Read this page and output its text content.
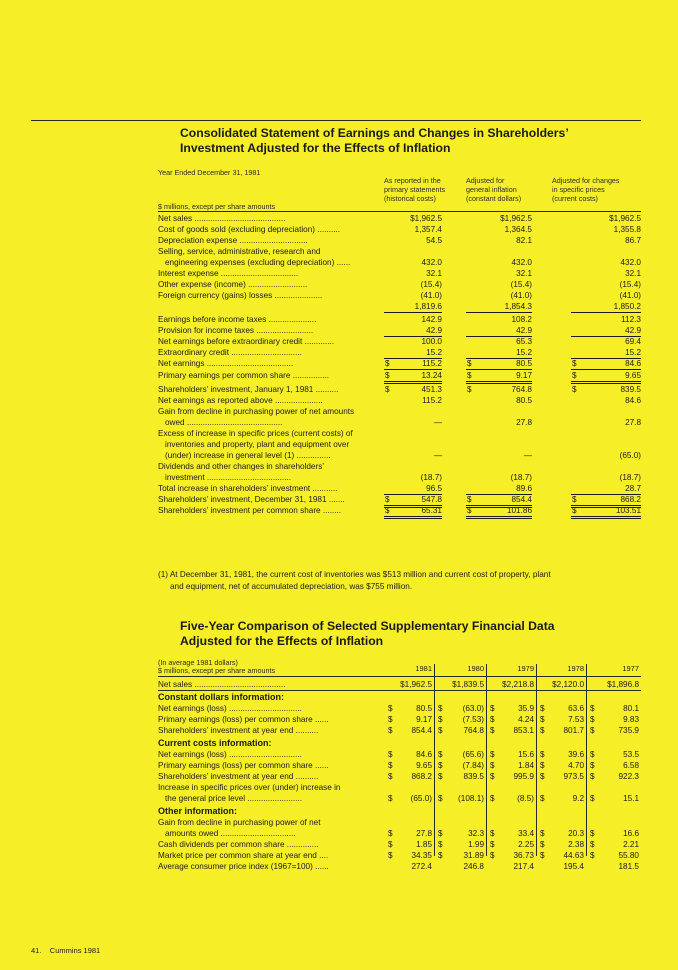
Consolidated Statement of Earnings and Changes in Shareholders’
Investment Adjusted for the Effects of Inflation
Year Ended December 31, 1981
$ millions, except per share amounts
As reported in the
primary statements
(historical costs)
Adjusted for
general inflation
(constant dollars)
Adjusted for changes
in specific prices
(current costs)
Net sales ........................................	$1,962.5	$1,962.5	$1,962.5
Cost of goods sold (excluding depreciation) ..........	1,357.4	1,364.5	1,355.8
Depreciation expense ..............................	54.5	82.1	86.7
Selling, service, administrative, research and
engineering expenses (excluding depreciation) ......	432.0	432.0	432.0
Interest expense ..................................	32.1	32.1	32.1
Other expense (income) ..........................	(15.4)	(15.4)	(15.4)
Foreign currency (gains) losses .....................	(41.0)	(41.0)	(41.0)
1,819.6	1,854.3	1,850.2
Earnings before income taxes .....................	142.9	108.2	112.3
Provision for income taxes .........................	42.9	42.9	42.9
Net earnings before extraordinary credit .............	100.0	65.3	69.4
Extraordinary credit ...............................	15.2	15.2	15.2
Net earnings ......................................	$	115.2	$	80.5	$	84.6
Primary earnings per common share ................	$	13.24	$	9.17	$	9.65
Shareholders’ investment, January 1, 1981 ..........	$	451.3	$	764.8	$	839.5
Net earnings as reported above .....................	115.2	80.5	84.6
Gain from decline in purchasing power of net amounts
owed ..........................................	—	27.8	27.8
Excess of increase in specific prices (current costs) of
inventories and property, plant and equipment over
(under) increase in general level (1) ...............	—	—	(65.0)
Dividends and other changes in shareholders’
investment .....................................	(18.7)	(18.7)	(18.7)
Total increase in shareholders’ investment ...........	96.5	89.6	28.7
Shareholders’ investment, December 31, 1981 .......	$	547.8	$	854.4	$	868.2
Shareholders’ investment per common share ........	$	65.31	$	101.86	$	103.51
(1) At December 31, 1981, the current cost of inventories was $513 million and current cost of property, plant
and equipment, net of accumulated depreciation, was $755 million.
Five-Year Comparison of Selected Supplementary Financial Data
Adjusted for the Effects of Inflation
(In average 1981 dollars)
$ millions, except per share amounts	1981	1980	1979	1978	1977
Net sales ........................................	$1,962.5 $1,839.5 $2,218.8 $2,120.0	$1,896.8
Constant dollars information:
Net earnings (loss) ................................	$	80.5 $ (63.0) $	35.9 $	63.6 $	80.1
Primary earnings (loss) per common share ......	$	9.17 $ (7.53) $	4.24 $	7.53 $	9.83
Shareholders’ investment at year end ..........	$ 854.4 $	764.8 $ 853.1 $ 801.7 $	735.9
Current costs information:
Net earnings (loss) ................................	$	84.6 $ (65.6) $	15.6 $	39.6 $	53.5
Primary earnings (loss) per common share ......	$	9.65 $ (7.84) $	1.84 $	4.70 $	6.58
Shareholders’ investment at year end ..........	$ 868.2 $	839.5 $ 995.9 $ 973.5 $	922.3
Increase in specific prices over (under) increase in
the general price level ........................	$ (65.0) $ (108.1) $	(8.5) $	9.2 $	15.1
Other information:
Gain from decline in purchasing power of net
amounts owed .................................	$	27.8 $	32.3 $	33.4 $	20.3 $	16.6
Cash dividends per common share ..............	$	1.85 $	1.99 $	2.25 $	2.38 $	2.21
Market price per common share at year end ....	$ 34.35 $	31.89 $ 36.73 $ 44.63 $	55.80
Average consumer price index (1967=100) ......	272.4	246.8	217.4	195.4	181.5
41. Cummins 1981
